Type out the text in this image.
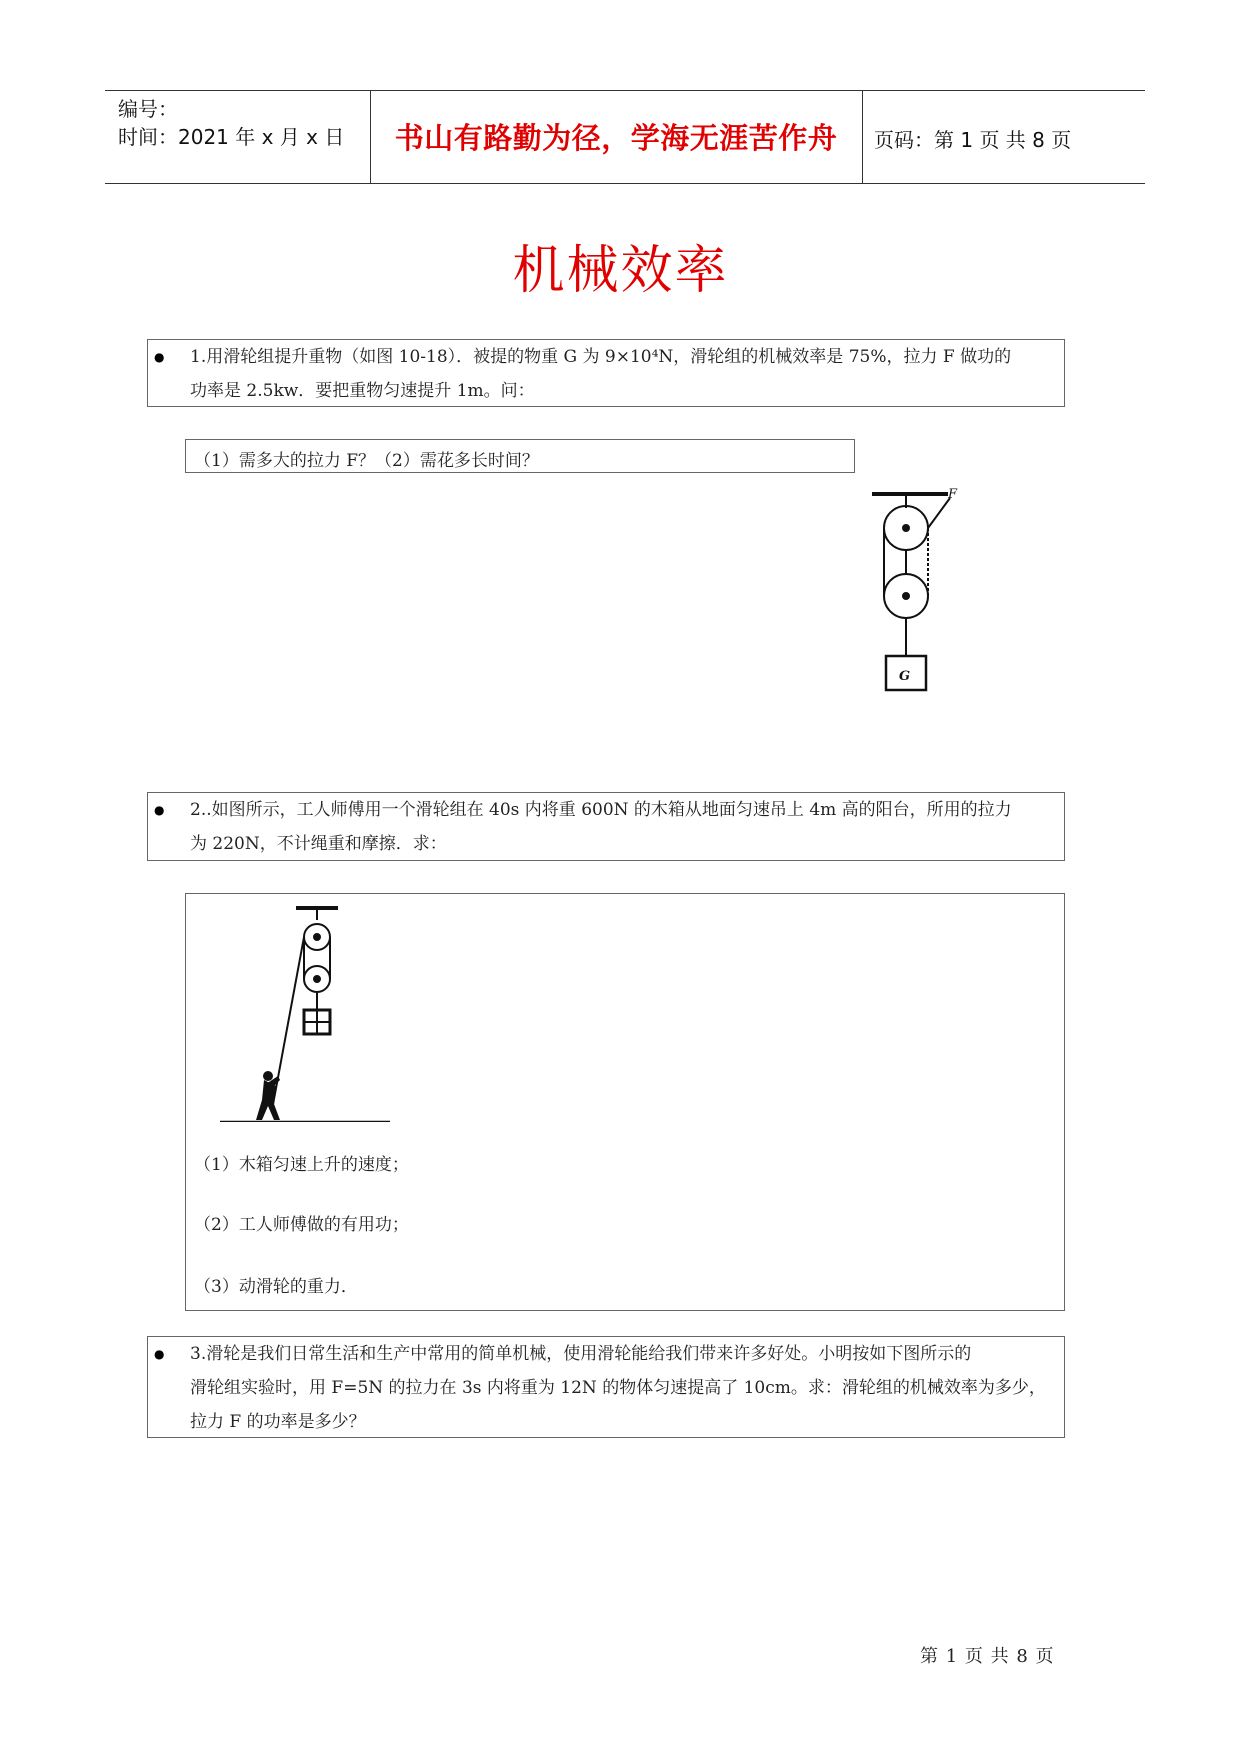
编号：
时间：2021 年 x 月 x 日	书山有路勤为径，学海无涯苦作舟	页码：第 1 页 共 8 页
机械效率
● 1.用滑轮组提升重物（如图 10-18）．被提的物重 G 为 9×10⁴N，滑轮组的机械效率是 75%，拉力 F 做功的
功率是 2.5kw．要把重物匀速提升 1m。问：
（1）需多大的拉力 F？（2）需花多长时间？
F
G
● 2..如图所示，工人师傅用一个滑轮组在 40s 内将重 600N 的木箱从地面匀速吊上 4m 高的阳台，所用的拉力
为 220N，不计绳重和摩擦．求：
（1）木箱匀速上升的速度；
（2）工人师傅做的有用功；
（3）动滑轮的重力．
● 3.滑轮是我们日常生活和生产中常用的简单机械，使用滑轮能给我们带来许多好处。小明按如下图所示的
滑轮组实验时，用 F=5N 的拉力在 3s 内将重为 12N 的物体匀速提高了 10cm。求：滑轮组的机械效率为多少，
拉力 F 的功率是多少？
第 1 页 共 8 页
